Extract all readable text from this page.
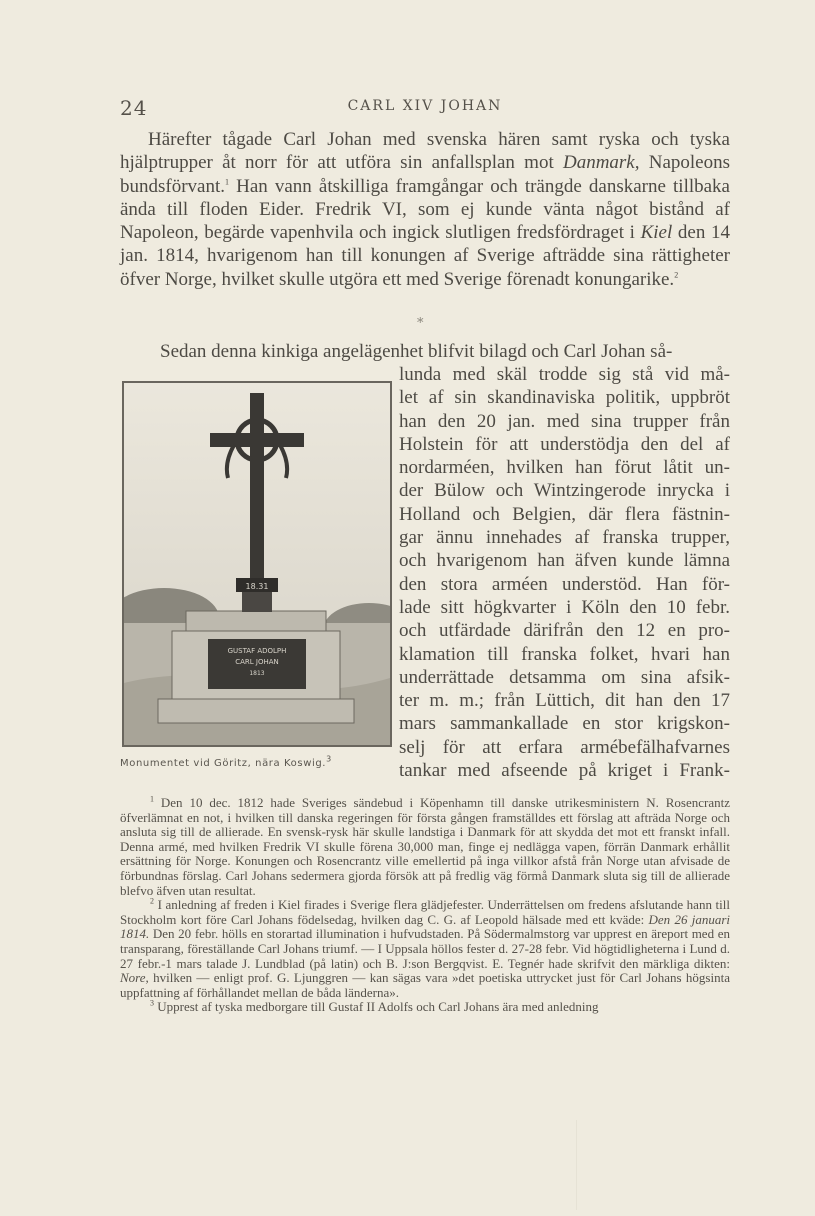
24	CARL XIV JOHAN

Härefter tågade Carl Johan med svenska hären samt ryska och tyska hjälptrupper åt norr för att utföra sin anfallsplan mot Danmark, Napoleons bundsförvant.$^1$ Han vann åtskilliga framgångar och trängde danskarne tillbaka ända till floden Eider. Fredrik VI, som ej kunde vänta något bistånd af Napoleon, begärde vapenhvila och ingick slutligen fredsfördraget i Kiel den 14 jan. 1814, hvarigenom han till konungen af Sverige afträdde sina rättigheter öfver Norge, hvilket skulle utgöra ett med Sverige förenadt konungarike.$^2$

*
Sedan denna kinkiga angelägenhet blifvit bilagd och Carl Johan så-
lunda med skäl trodde sig stå vid må-
let af sin skandinaviska politik, uppbröt
han den 20 jan. med sina trupper från
Holstein för att understödja den del af
nordarméen, hvilken han förut låtit un-
der Bülow och Wintzingerode inrycka i
Holland och Belgien, där flera fästnin-
gar ännu innehades af franska trupper,
och hvarigenom han äfven kunde lämna
den stora arméen understöd. Han för-
lade sitt högkvarter i Köln den 10 febr.
och utfärdade därifrån den 12 en pro-
klamation till franska folket, hvari han
underrättade detsamma om sina afsik-
ter m. m.; från Lüttich, dit han den 17
mars sammankallade en stor krigskon-
selj för att erfara armébefälhafvarnes
tankar med afseende på kriget i Frank-
GUSTAF ADOLPH
CARL JOHAN
1813
18.31
Monumentet vid Göritz, nära Koswig.$^3$

$^1$ Den 10 dec. 1812 hade Sveriges sändebud i Köpenhamn till danske utrikesministern N. Rosencrantz öfverlämnat en not, i hvilken till danska regeringen för första gången framställdes ett förslag att afträda Norge och ansluta sig till de allierade. En svensk-rysk här skulle landstiga i Danmark för att skydda det mot ett franskt infall. Denna armé, med hvilken Fredrik VI skulle förena 30,000 man, finge ej nedlägga vapen, förrän Danmark erhållit ersättning för Norge. Konungen och Rosencrantz ville emellertid på inga villkor afstå från Norge utan afvisade de förbundnas förslag. Carl Johans sedermera gjorda försök att på fredlig väg förmå Danmark sluta sig till de allierade blefvo äfven utan resultat.

$^2$ I anledning af freden i Kiel firades i Sverige flera glädjefester. Underrättelsen om fredens afslutande hann till Stockholm kort före Carl Johans födelsedag, hvilken dag C. G. af Leopold hälsade med ett kväde: Den 26 januari 1814. Den 20 febr. hölls en storartad illumination i hufvudstaden. På Södermalmstorg var upprest en äreport med en transparang, föreställande Carl Johans triumf. — I Uppsala höllos fester d. 27-28 febr. Vid högtidligheterna i Lund d. 27 febr.-1 mars talade J. Lundblad (på latin) och B. J:son Bergqvist. E. Tegnér hade skrifvit den märkliga dikten: Nore, hvilken — enligt prof. G. Ljunggren — kan sägas vara »det poetiska uttrycket just för Carl Johans högsinta uppfattning af förhållandet mellan de båda länderna».

$^3$ Upprest af tyska medborgare till Gustaf II Adolfs och Carl Johans ära med anledning
